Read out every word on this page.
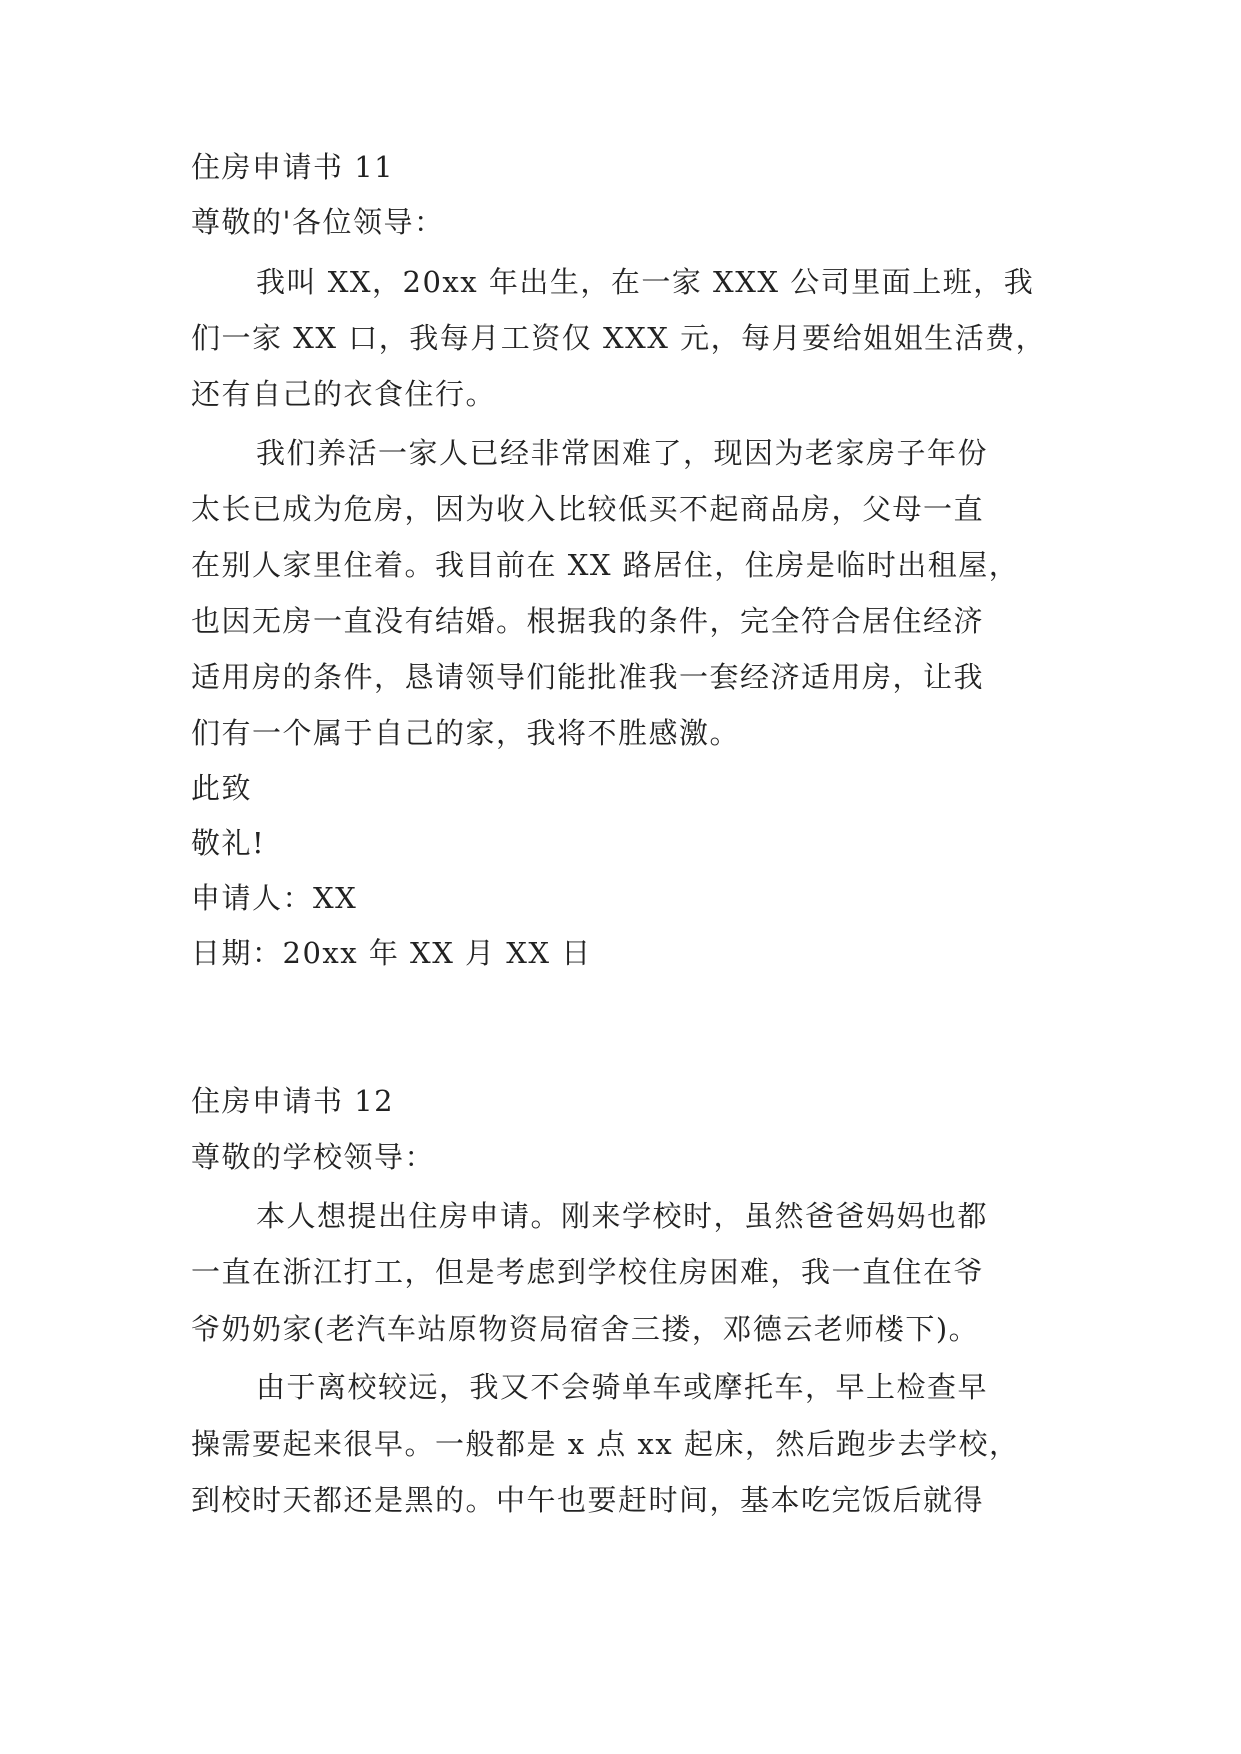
住房申请书 11
尊敬的'各位领导：
我叫 XX，20xx 年出生，在一家 XXX 公司里面上班，我
们一家 XX 口，我每月工资仅 XXX 元，每月要给姐姐生活费，
还有自己的衣食住行。
我们养活一家人已经非常困难了，现因为老家房子年份
太长已成为危房，因为收入比较低买不起商品房，父母一直
在别人家里住着。我目前在 XX 路居住，住房是临时出租屋，
也因无房一直没有结婚。根据我的条件，完全符合居住经济
适用房的条件，恳请领导们能批准我一套经济适用房，让我
们有一个属于自己的家，我将不胜感激。
此致
敬礼!
申请人：XX
日期：20xx 年 XX 月 XX 日
住房申请书 12
尊敬的学校领导：
本人想提出住房申请。刚来学校时，虽然爸爸妈妈也都
一直在浙江打工，但是考虑到学校住房困难，我一直住在爷
爷奶奶家(老汽车站原物资局宿舍三搂，邓德云老师楼下)。
由于离校较远，我又不会骑单车或摩托车，早上检查早
操需要起来很早。一般都是 x 点 xx 起床，然后跑步去学校，
到校时天都还是黑的。中午也要赶时间，基本吃完饭后就得
